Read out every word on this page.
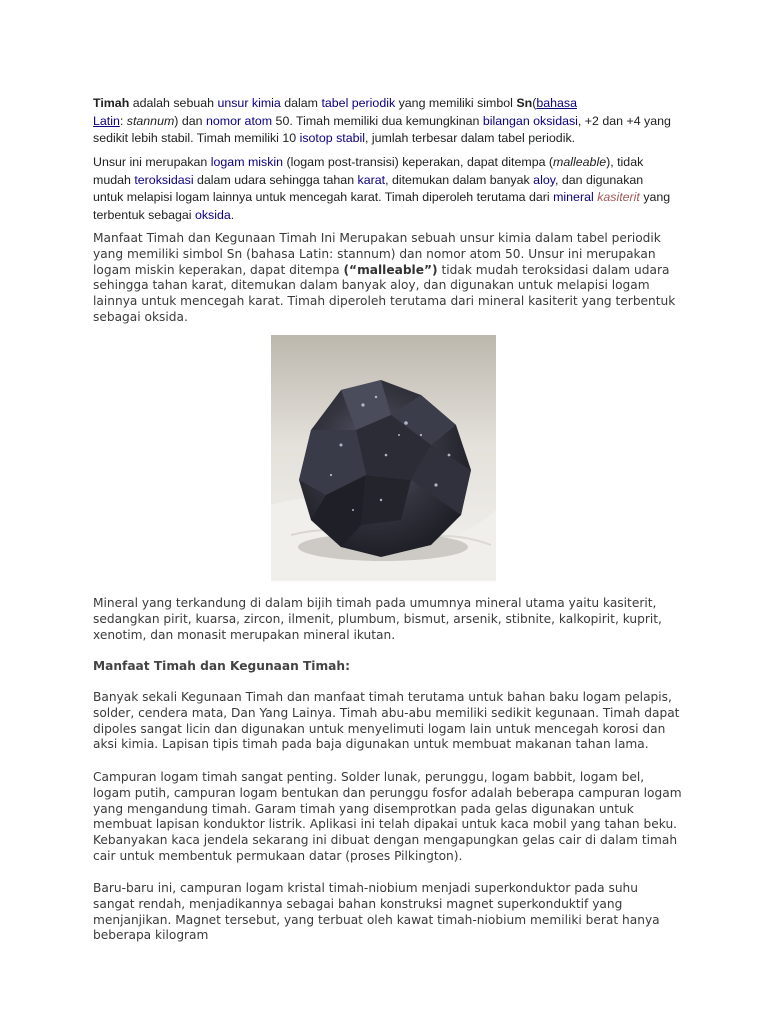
Timah adalah sebuah unsur kimia dalam tabel periodik yang memiliki simbol Sn(bahasa
Latin: stannum) dan nomor atom 50. Timah memiliki dua kemungkinan bilangan oksidasi, +2 dan +4 yang sedikit lebih stabil. Timah memiliki 10 isotop stabil, jumlah terbesar dalam tabel periodik.

Unsur ini merupakan logam miskin (logam post-transisi) keperakan, dapat ditempa (malleable), tidak mudah teroksidasi dalam udara sehingga tahan karat, ditemukan dalam banyak aloy, dan digunakan untuk melapisi logam lainnya untuk mencegah karat. Timah diperoleh terutama dari mineral kasiterit yang terbentuk sebagai oksida.

Manfaat Timah dan Kegunaan Timah Ini Merupakan sebuah unsur kimia dalam tabel periodik yang memiliki simbol Sn (bahasa Latin: stannum) dan nomor atom 50. Unsur ini merupakan logam miskin keperakan, dapat ditempa (“malleable”) tidak mudah teroksidasi dalam udara sehingga tahan karat, ditemukan dalam banyak aloy, dan digunakan untuk melapisi logam lainnya untuk mencegah karat. Timah diperoleh terutama dari mineral kasiterit yang terbentuk sebagai oksida.

Mineral yang terkandung di dalam bijih timah pada umumnya mineral utama yaitu kasiterit, sedangkan pirit, kuarsa, zircon, ilmenit, plumbum, bismut, arsenik, stibnite, kalkopirit, kuprit, xenotim, dan monasit merupakan mineral ikutan.

Manfaat Timah dan Kegunaan Timah:

Banyak sekali Kegunaan Timah dan manfaat timah terutama untuk bahan baku logam pelapis, solder, cendera mata, Dan Yang Lainya. Timah abu-abu memiliki sedikit kegunaan. Timah dapat dipoles sangat licin dan digunakan untuk menyelimuti logam lain untuk mencegah korosi dan aksi kimia. Lapisan tipis timah pada baja digunakan untuk membuat makanan tahan lama.

Campuran logam timah sangat penting. Solder lunak, perunggu, logam babbit, logam bel, logam putih, campuran logam bentukan dan perunggu fosfor adalah beberapa campuran logam yang mengandung timah. Garam timah yang disemprotkan pada gelas digunakan untuk membuat lapisan konduktor listrik. Aplikasi ini telah dipakai untuk kaca mobil yang tahan beku. Kebanyakan kaca jendela sekarang ini dibuat dengan mengapungkan gelas cair di dalam timah cair untuk membentuk permukaan datar (proses Pilkington).

Baru-baru ini, campuran logam kristal timah-niobium menjadi superkonduktor pada suhu sangat rendah, menjadikannya sebagai bahan konstruksi magnet superkonduktif yang menjanjikan. Magnet tersebut, yang terbuat oleh kawat timah-niobium memiliki berat hanya beberapa kilogram
